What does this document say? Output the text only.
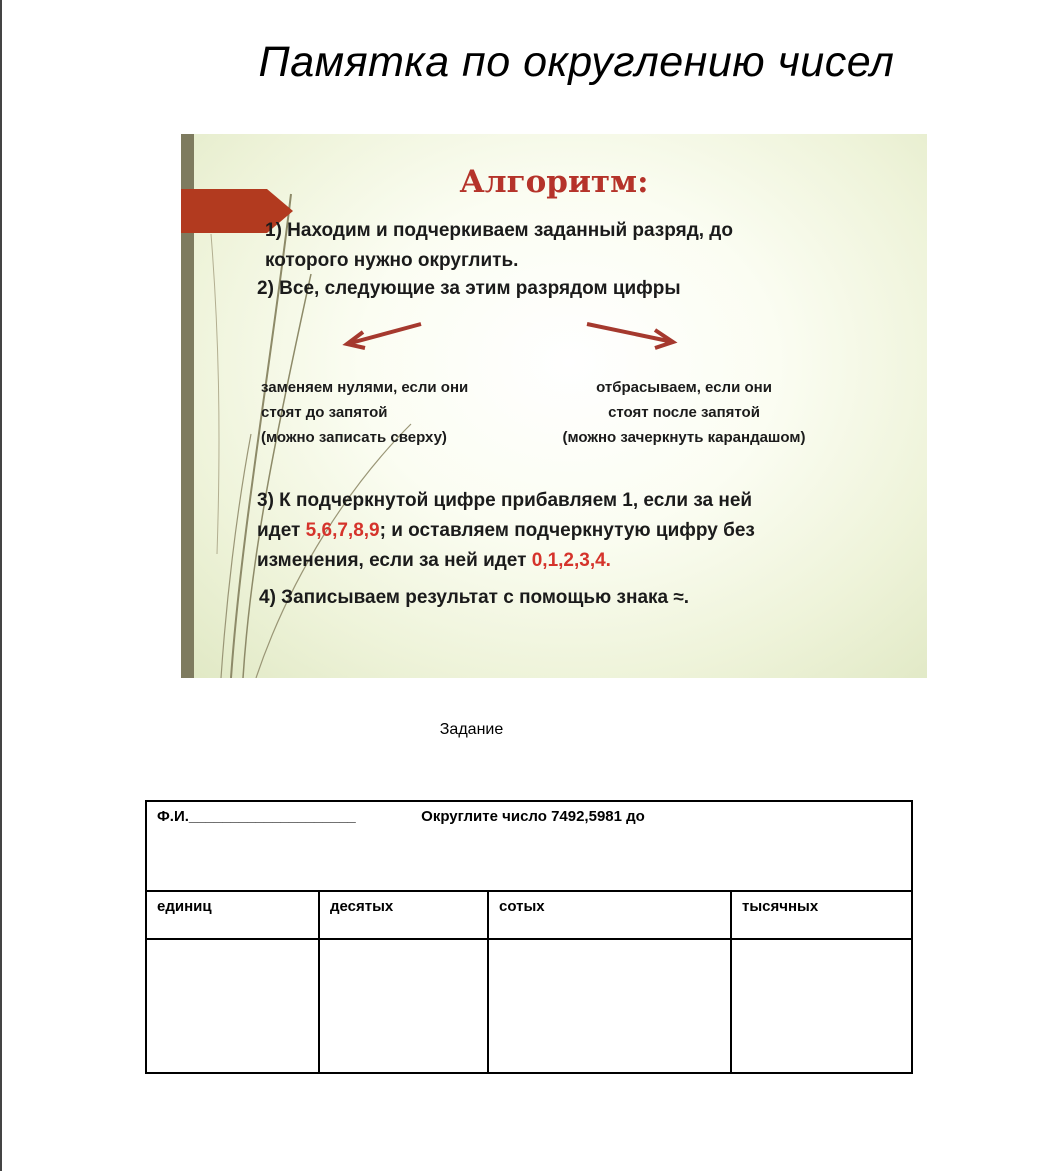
Памятка по округлению чисел
Алгоритм:
1) Находим и подчеркиваем заданный разряд, до
которого нужно округлить.
2) Все, следующие за этим разрядом цифры
заменяем нулями, если они
стоят до запятой
(можно записать сверху)
отбрасываем, если они
стоят после запятой
(можно зачеркнуть карандашом)
3) К подчеркнутой цифре прибавляем 1, если за ней
идет 5,6,7,8,9; и оставляем подчеркнутую цифру без
изменения, если за ней идет 0,1,2,3,4.
4) Записываем результат с помощью знака ≈.
Задание
Ф.И.____________________ Округлите число 7492,5981 до			
единиц	десятых	сотых	тысячных
